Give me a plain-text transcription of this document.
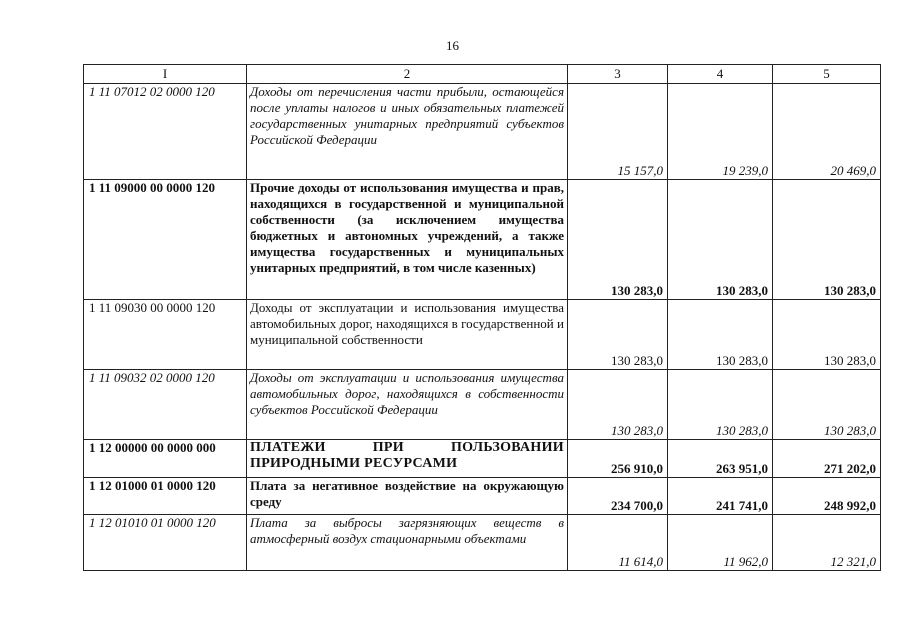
16
I	2	3	4	5
1 11 07012 02 0000 120	Доходы от перечисления части прибыли, остающейся после уплаты налогов и иных обязательных платежей государственных унитарных предприятий субъектов Российской Федерации	15 157,0	19 239,0	20 469,0
1 11 09000 00 0000 120	Прочие доходы от использования имущества и прав, находящихся в государственной и муниципальной собственности (за исключением имущества бюджетных и автономных учреждений, а также имущества государственных и муниципальных унитарных предприятий, в том числе казенных)	130 283,0	130 283,0	130 283,0
1 11 09030 00 0000 120	Доходы от эксплуатации и использования имущества автомобильных дорог, находящихся в государственной и муниципальной собственности	130 283,0	130 283,0	130 283,0
1 11 09032 02 0000 120	Доходы от эксплуатации и использования имущества автомобильных дорог, находящихся в собственности субъектов Российской Федерации	130 283,0	130 283,0	130 283,0
1 12 00000 00 0000 000	ПЛАТЕЖИ ПРИ ПОЛЬЗОВАНИИ ПРИРОДНЫМИ РЕСУРСАМИ	256 910,0	263 951,0	271 202,0
1 12 01000 01 0000 120	Плата за негативное воздействие на окружающую среду	234 700,0	241 741,0	248 992,0
1 12 01010 01 0000 120	Плата за выбросы загрязняющих веществ в атмосферный воздух стационарными объектами	11 614,0	11 962,0	12 321,0
